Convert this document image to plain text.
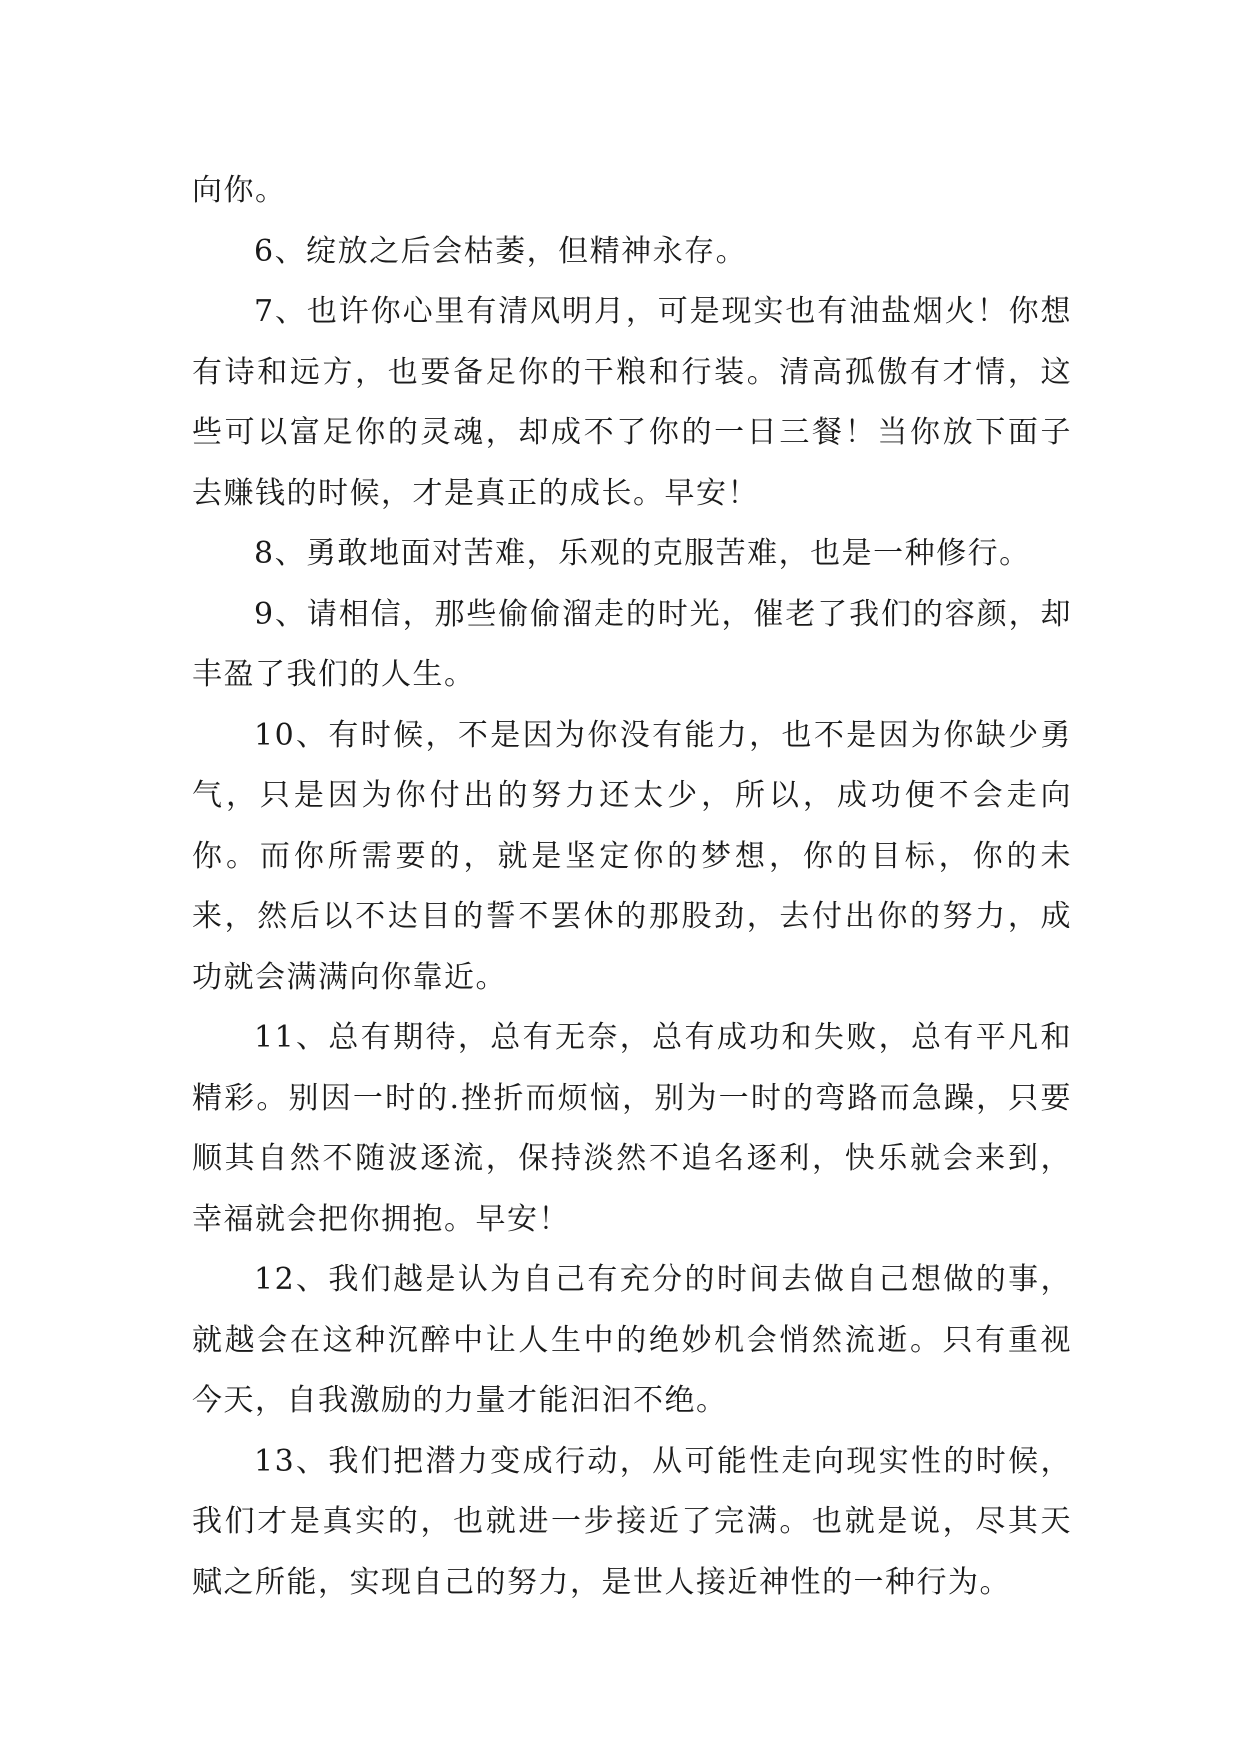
向你。

6、绽放之后会枯萎，但精神永存。

7、也许你心里有清风明月，可是现实也有油盐烟火！你想有诗和远方，也要备足你的干粮和行装。清高孤傲有才情，这些可以富足你的灵魂，却成不了你的一日三餐！当你放下面子去赚钱的时候，才是真正的成长。早安！

8、勇敢地面对苦难，乐观的克服苦难，也是一种修行。

9、请相信，那些偷偷溜走的时光，催老了我们的容颜，却丰盈了我们的人生。

10、有时候，不是因为你没有能力，也不是因为你缺少勇气，只是因为你付出的努力还太少，所以，成功便不会走向你。而你所需要的，就是坚定你的梦想，你的目标，你的未来，然后以不达目的誓不罢休的那股劲，去付出你的努力，成功就会满满向你靠近。

11、总有期待，总有无奈，总有成功和失败，总有平凡和精彩。别因一时的.挫折而烦恼，别为一时的弯路而急躁，只要顺其自然不随波逐流，保持淡然不追名逐利，快乐就会来到，幸福就会把你拥抱。早安！

12、我们越是认为自己有充分的时间去做自己想做的事，就越会在这种沉醉中让人生中的绝妙机会悄然流逝。只有重视今天，自我激励的力量才能汩汩不绝。

13、我们把潜力变成行动，从可能性走向现实性的时候，我们才是真实的，也就进一步接近了完满。也就是说，尽其天赋之所能，实现自己的努力，是世人接近神性的一种行为。
